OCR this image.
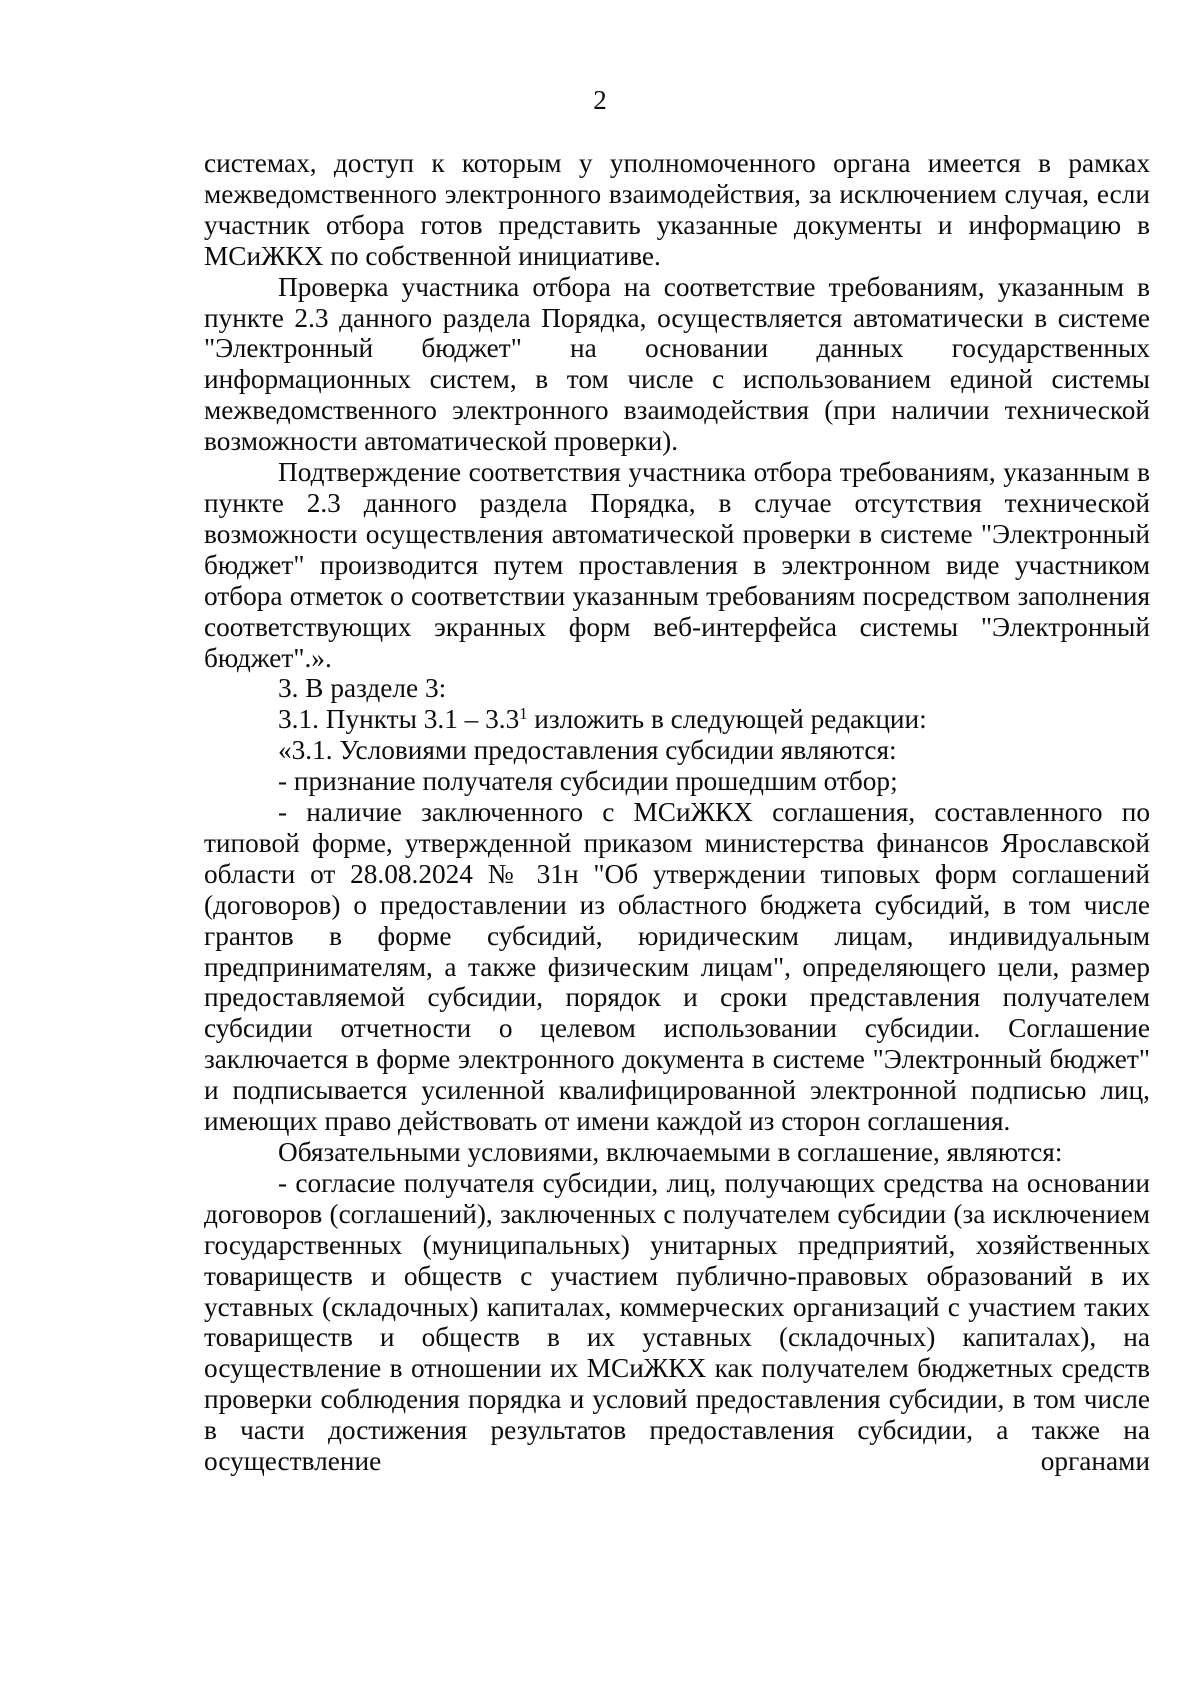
2

системах, доступ к которым у уполномоченного органа имеется в рамках межведомственного электронного взаимодействия, за исключением случая, если участник отбора готов представить указанные документы и информацию в МСиЖКХ по собственной инициативе.

Проверка участника отбора на соответствие требованиям, указанным в пункте 2.3 данного раздела Порядка, осуществляется автоматически в системе "Электронный бюджет" на основании данных государственных информационных систем, в том числе с использованием единой системы межведомственного электронного взаимодействия (при наличии технической возможности автоматической проверки).

Подтверждение соответствия участника отбора требованиям, указанным в пункте 2.3 данного раздела Порядка, в случае отсутствия технической возможности осуществления автоматической проверки в системе "Электронный бюджет" производится путем проставления в электронном виде участником отбора отметок о соответствии указанным требованиям посредством заполнения соответствующих экранных форм веб-интерфейса системы "Электронный бюджет".».

3. В разделе 3:

3.1. Пункты $3.1 - 3.3^1$ изложить в следующей редакции:

«3.1. Условиями предоставления субсидии являются:

- признание получателя субсидии прошедшим отбор;

- наличие заключенного с МСиЖКХ соглашения, составленного по типовой форме, утвержденной приказом министерства финансов Ярославской области от 28.08.2024 № 31н "Об утверждении типовых форм соглашений (договоров) о предоставлении из областного бюджета субсидий, в том числе грантов в форме субсидий, юридическим лицам, индивидуальным предпринимателям, а также физическим лицам", определяющего цели, размер предоставляемой субсидии, порядок и сроки представления получателем субсидии отчетности о целевом использовании субсидии. Соглашение заключается в форме электронного документа в системе "Электронный бюджет" и подписывается усиленной квалифицированной электронной подписью лиц, имеющих право действовать от имени каждой из сторон соглашения.

Обязательными условиями, включаемыми в соглашение, являются:

- согласие получателя субсидии, лиц, получающих средства на основании договоров (соглашений), заключенных с получателем субсидии (за исключением государственных (муниципальных) унитарных предприятий, хозяйственных товариществ и обществ с участием публично-правовых образований в их уставных (складочных) капиталах, коммерческих организаций с участием таких товариществ и обществ в их уставных (складочных) капиталах), на осуществление в отношении их МСиЖКХ как получателем бюджетных средств проверки соблюдения порядка и условий предоставления субсидии, в том числе в части достижения результатов предоставления субсидии, а также на осуществление органами
